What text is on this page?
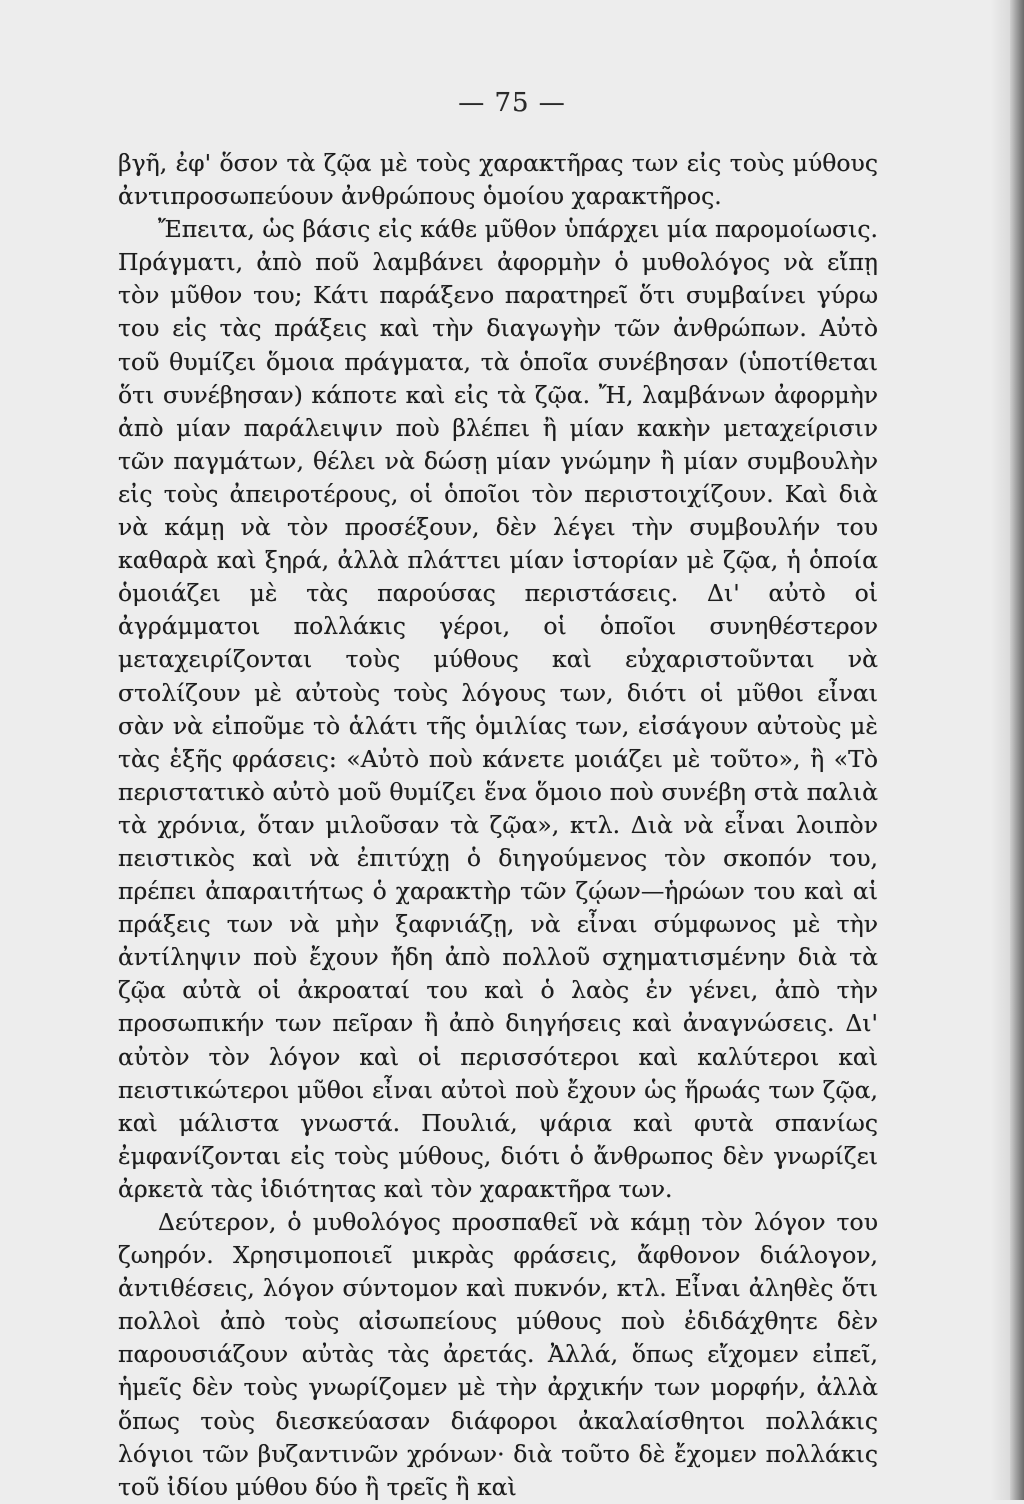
— 75 —

βγῆ, ἐφ' ὅσον τὰ ζῷα μὲ τοὺς χαρακτῆρας των εἰς τοὺς μύθους ἀντιπροσωπεύουν ἀνθρώπους ὁμοίου χαρακτῆρος.

Ἔπειτα, ὡς βάσις εἰς κάθε μῦθον ὑπάρχει μία παρομοίωσις. Πράγματι, ἀπὸ ποῦ λαμβάνει ἀφορμὴν ὁ μυθολόγος νὰ εἴπῃ τὸν μῦθον του; Κάτι παράξενο παρατηρεῖ ὅτι συμβαίνει γύρω του εἰς τὰς πράξεις καὶ τὴν διαγωγὴν τῶν ἀνθρώπων. Αὐτὸ τοῦ θυμίζει ὅμοια πράγματα, τὰ ὁποῖα συνέβησαν (ὑποτίθεται ὅτι συνέβησαν) κάποτε καὶ εἰς τὰ ζῷα. Ἤ, λαμβάνων ἀφορμὴν ἀπὸ μίαν παράλειψιν ποὺ βλέπει ἢ μίαν κακὴν μεταχείρισιν τῶν παγμάτων, θέλει νὰ δώσῃ μίαν γνώμην ἢ μίαν συμβουλὴν εἰς τοὺς ἀπειροτέρους, οἱ ὁποῖοι τὸν περιστοιχίζουν. Καὶ διὰ νὰ κάμῃ νὰ τὸν προσέξουν, δὲν λέγει τὴν συμβουλήν του καθαρὰ καὶ ξηρά, ἀλλὰ πλάττει μίαν ἱστορίαν μὲ ζῷα, ἡ ὁποία ὁμοιάζει μὲ τὰς παρούσας περιστάσεις. Δι' αὐτὸ οἱ ἀγράμματοι πολλάκις γέροι, οἱ ὁποῖοι συνηθέστερον μεταχειρίζονται τοὺς μύθους καὶ εὐχαριστοῦνται νὰ στολίζουν μὲ αὐτοὺς τοὺς λόγους των, διότι οἱ μῦθοι εἶναι σὰν νὰ εἰποῦμε τὸ ἁλάτι τῆς ὁμιλίας των, εἰσάγουν αὐτοὺς μὲ τὰς ἑξῆς φράσεις: «Αὐτὸ ποὺ κάνετε μοιάζει μὲ τοῦτο», ἢ «Τὸ περιστατικὸ αὐτὸ μοῦ θυμίζει ἕνα ὅμοιο ποὺ συνέβη στὰ παλιὰ τὰ χρόνια, ὅταν μιλοῦσαν τὰ ζῷα», κτλ. Διὰ νὰ εἶναι λοιπὸν πειστικὸς καὶ νὰ ἐπιτύχῃ ὁ διηγούμενος τὸν σκοπόν του, πρέπει ἀπαραιτήτως ὁ χαρακτὴρ τῶν ζῴων—ἡρώων του καὶ αἱ πράξεις των νὰ μὴν ξαφνιάζῃ, νὰ εἶναι σύμφωνος μὲ τὴν ἀντίληψιν ποὺ ἔχουν ἤδη ἀπὸ πολλοῦ σχηματισμένην διὰ τὰ ζῷα αὐτὰ οἱ ἀκροαταί του καὶ ὁ λαὸς ἐν γένει, ἀπὸ τὴν προσωπικήν των πεῖραν ἢ ἀπὸ διηγήσεις καὶ ἀναγνώσεις. Δι' αὐτὸν τὸν λόγον καὶ οἱ περισσότεροι καὶ καλύτεροι καὶ πειστικώτεροι μῦθοι εἶναι αὐτοὶ ποὺ ἔχουν ὡς ἥρωάς των ζῷα, καὶ μάλιστα γνωστά. Πουλιά, ψάρια καὶ φυτὰ σπανίως ἐμφανίζονται εἰς τοὺς μύθους, διότι ὁ ἄνθρωπος δὲν γνωρίζει ἀρκετὰ τὰς ἰδιότητας καὶ τὸν χαρακτῆρα των.

Δεύτερον, ὁ μυθολόγος προσπαθεῖ νὰ κάμῃ τὸν λόγον του ζωηρόν. Χρησιμοποιεῖ μικρὰς φράσεις, ἄφθονον διάλογον, ἀντιθέσεις, λόγον σύντομον καὶ πυκνόν, κτλ. Εἶναι ἀληθὲς ὅτι πολλοὶ ἀπὸ τοὺς αἰσωπείους μύθους ποὺ ἐδιδάχθητε δὲν παρουσιάζουν αὐτὰς τὰς ἀρετάς. Ἀλλά, ὅπως εἴχομεν εἰπεῖ, ἡμεῖς δὲν τοὺς γνωρίζομεν μὲ τὴν ἀρχικήν των μορφήν, ἀλλὰ ὅπως τοὺς διεσκεύασαν διάφοροι ἀκαλαίσθητοι πολλάκις λόγιοι τῶν βυζαντινῶν χρόνων· διὰ τοῦτο δὲ ἔχομεν πολλάκις τοῦ ἰδίου μύθου δύο ἢ τρεῖς ἢ καὶ
